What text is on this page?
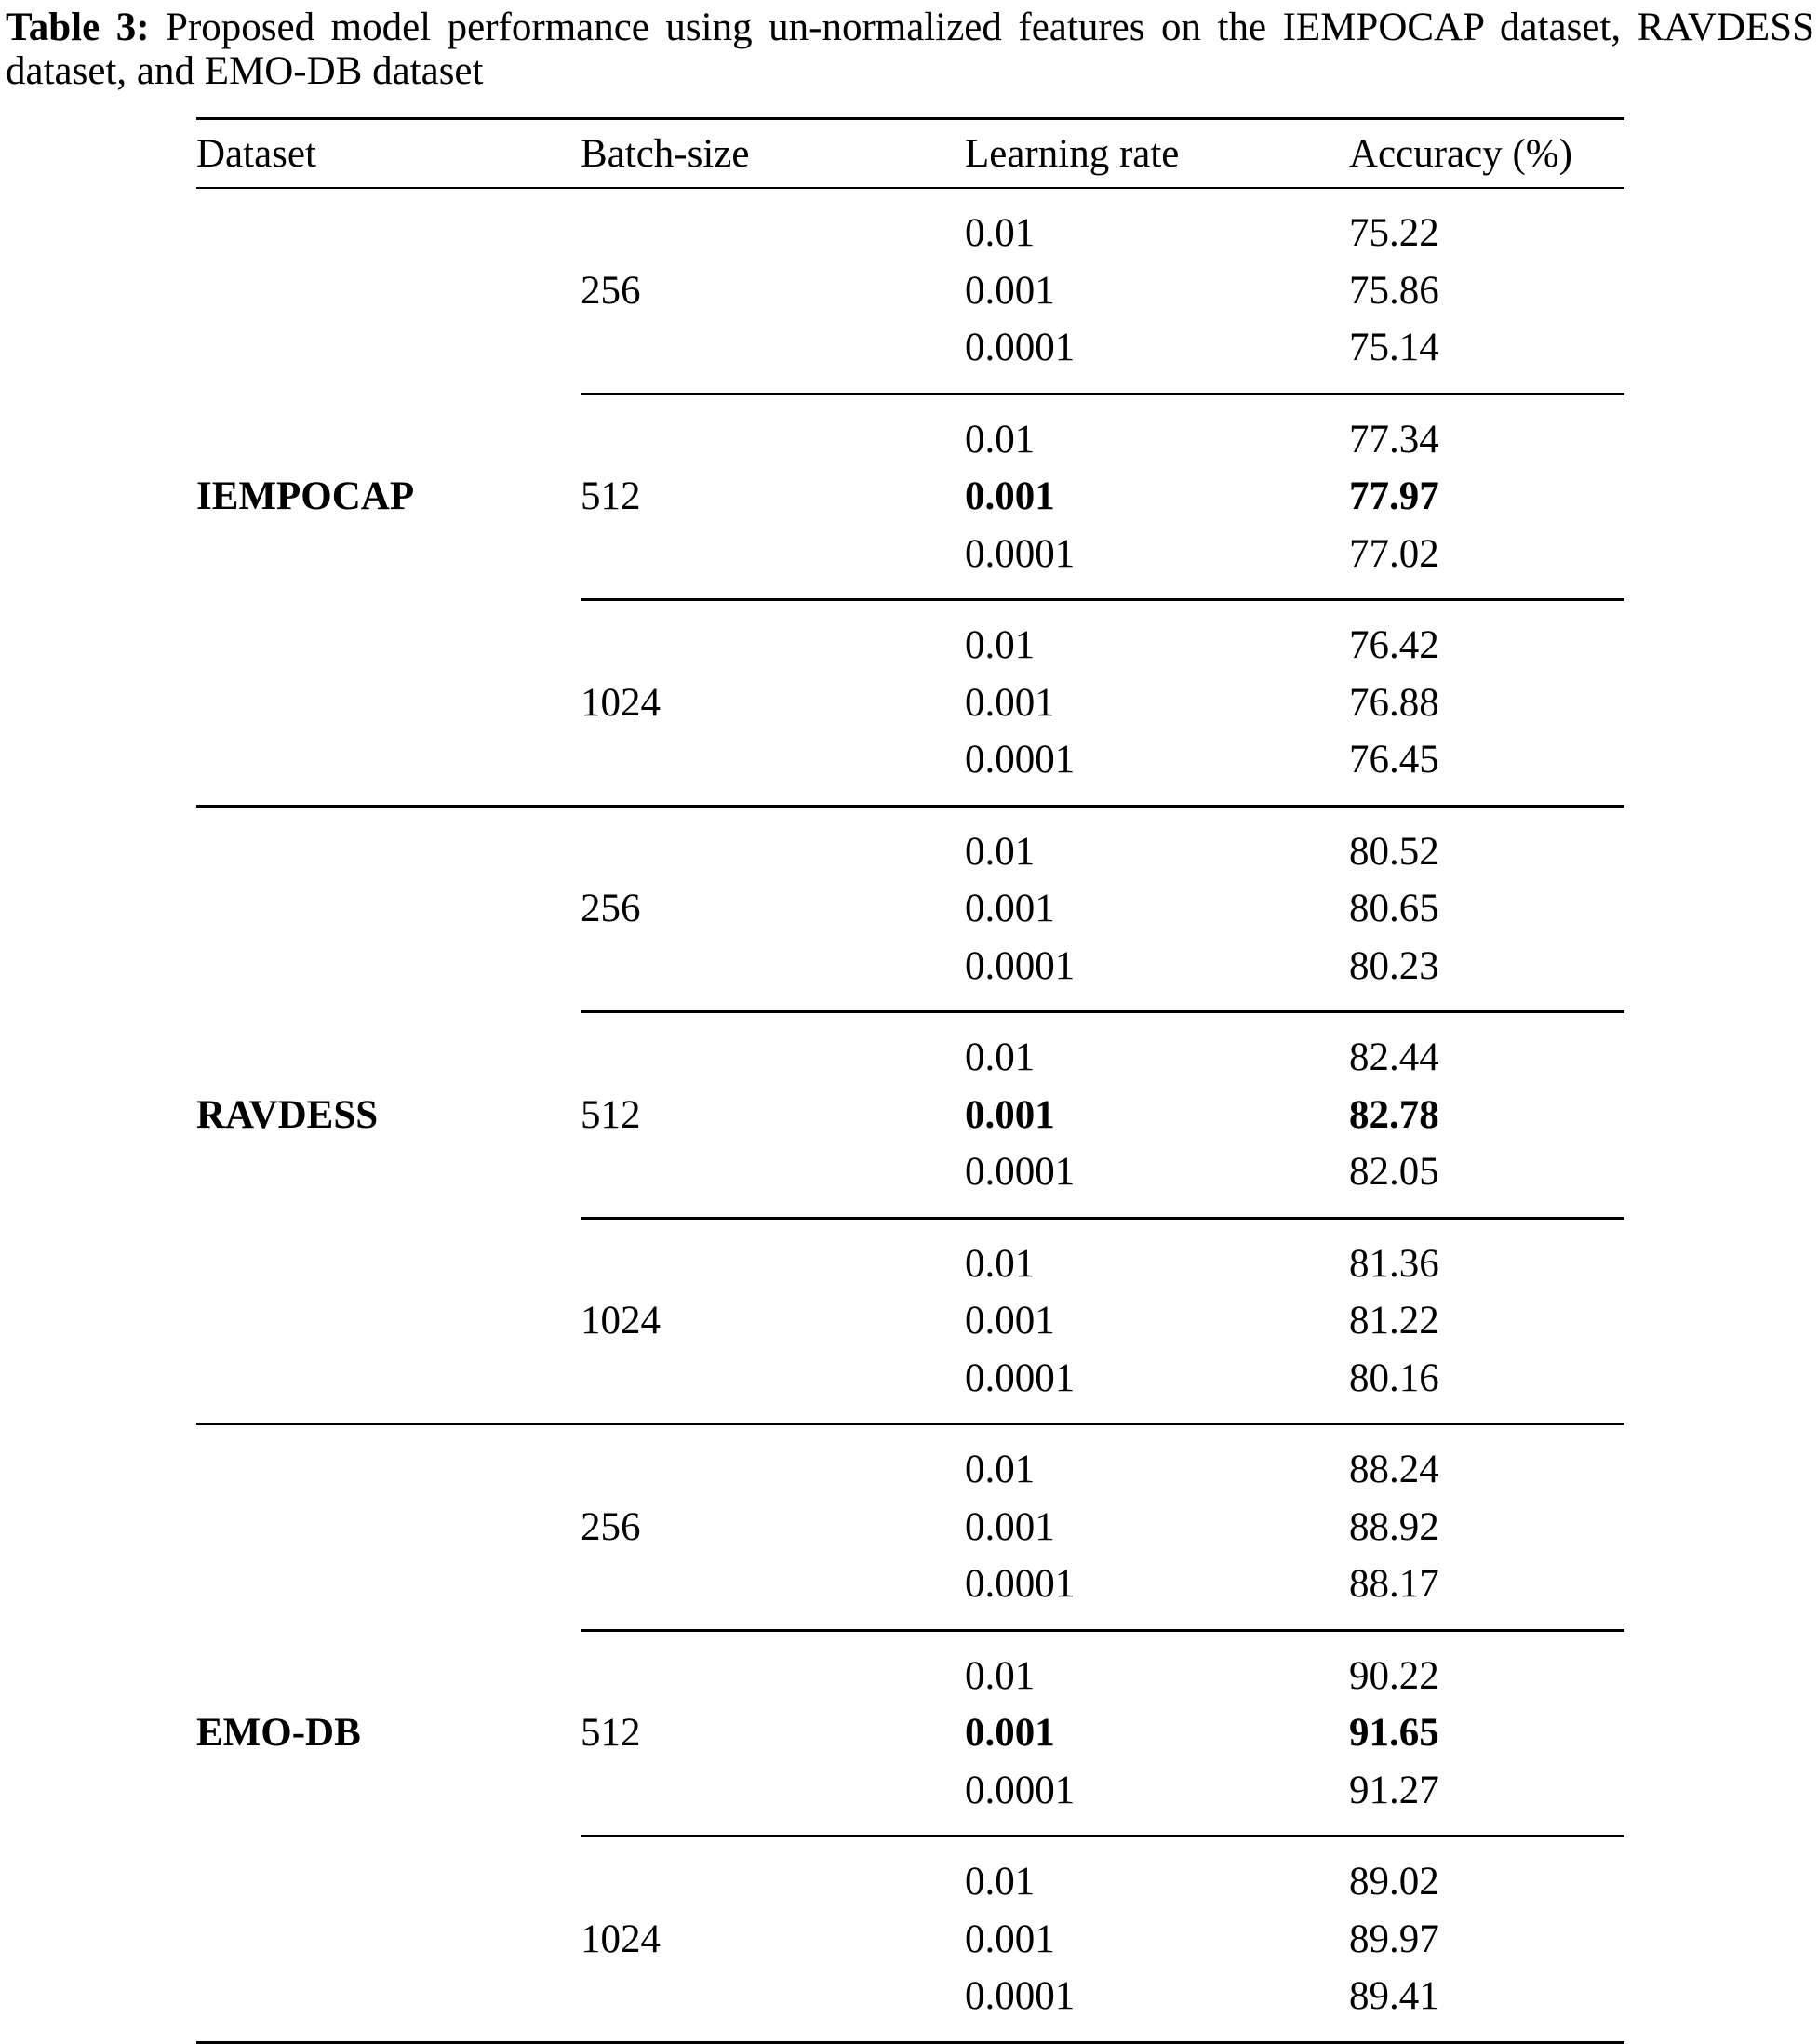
Table 3: Proposed model performance using un-normalized features on the IEMPOCAP dataset, RAVDESS dataset, and EMO-DB dataset
Dataset	Batch-size	Learning rate	Accuracy (%)
IEMPOCAP
256
0.01	75.22
0.001	75.86
0.0001	75.14
512
0.01	77.34
0.001	77.97
0.0001	77.02
1024
0.01	76.42
0.001	76.88
0.0001	76.45
RAVDESS
256
0.01	80.52
0.001	80.65
0.0001	80.23
512
0.01	82.44
0.001	82.78
0.0001	82.05
1024
0.01	81.36
0.001	81.22
0.0001	80.16
EMO-DB
256
0.01	88.24
0.001	88.92
0.0001	88.17
512
0.01	90.22
0.001	91.65
0.0001	91.27
1024
0.01	89.02
0.001	89.97
0.0001	89.41
